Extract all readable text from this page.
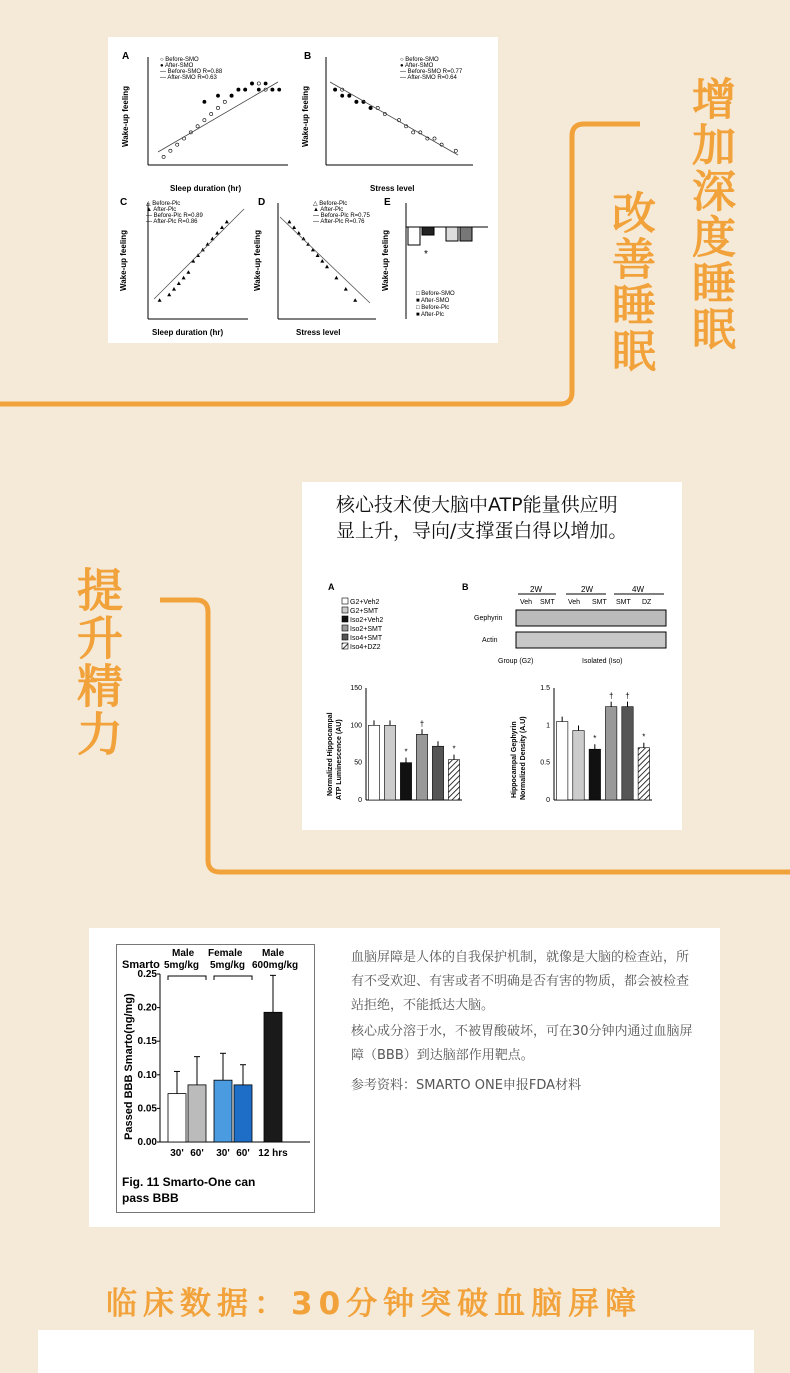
A	○ Before-SMO
● After-SMO
— Before-SMO R=0.88
— After-SMO R=0.63
Sleep duration (hr)
Wake-up feeling
B	○ Before-SMO
● After-SMO
— Before-SMO R=0.77
— After-SMO R=0.64
Stress level
Wake-up feeling
C	△ Before-Plc
▲ After-Plc
— Before-Plc R=0.89
— After-Plc R=0.86
Sleep duration (hr)
Wake-up feeling
D	△ Before-Plc
▲ After-Plc
— Before-Plc R=0.75
— After-Plc R=0.76
Stress level
Wake-up feeling
E
Wake-up feeling	*
□ Before-SMO
■ After-SMO
□ Before-Plc
■ After-Plc	增加深度睡眠
改善睡眠
提升精力
核心技术使大脑中ATP能量供应明显上升，导向/支撑蛋白得以增加。
A	B
G2+Veh2
G2+SMT
Iso2+Veh2
Iso2+SMT
Iso4+SMT
Iso4+DZ2
Normalized Hippocampal ATP Luminescence (AU)
0
50
100
150
*
†
*
2W	2W	4W
Veh SMT Veh SMT SMT DZ
Gephyrin
Actin
Group (G2)	Isolated (Iso)
Hippocampal Gephyrin Normalized Density (A.U)
0
0.5
1
1.5
*
† †
*
Smarto
Male
5mg/kg
Female
5mg/kg
Male
600mg/kg
Passed BBB Smarto(ng/mg)
0.00
0.05
0.10
0.15
0.20
0.25
30' 60' 30' 60' 12 hrs
Fig. 11 Smarto-One can
pass BBB
血脑屏障是人体的自我保护机制，就像是大脑的检查站，所有不受欢迎、有害或者不明确是否有害的物质，都会被检查站拒绝，不能抵达大脑。
核心成分溶于水，不被胃酸破坏，可在30分钟内通过血脑屏障（BBB）到达脑部作用靶点。
参考资料：SMARTO ONE申报FDA材料
临床数据：30分钟突破血脑屏障
